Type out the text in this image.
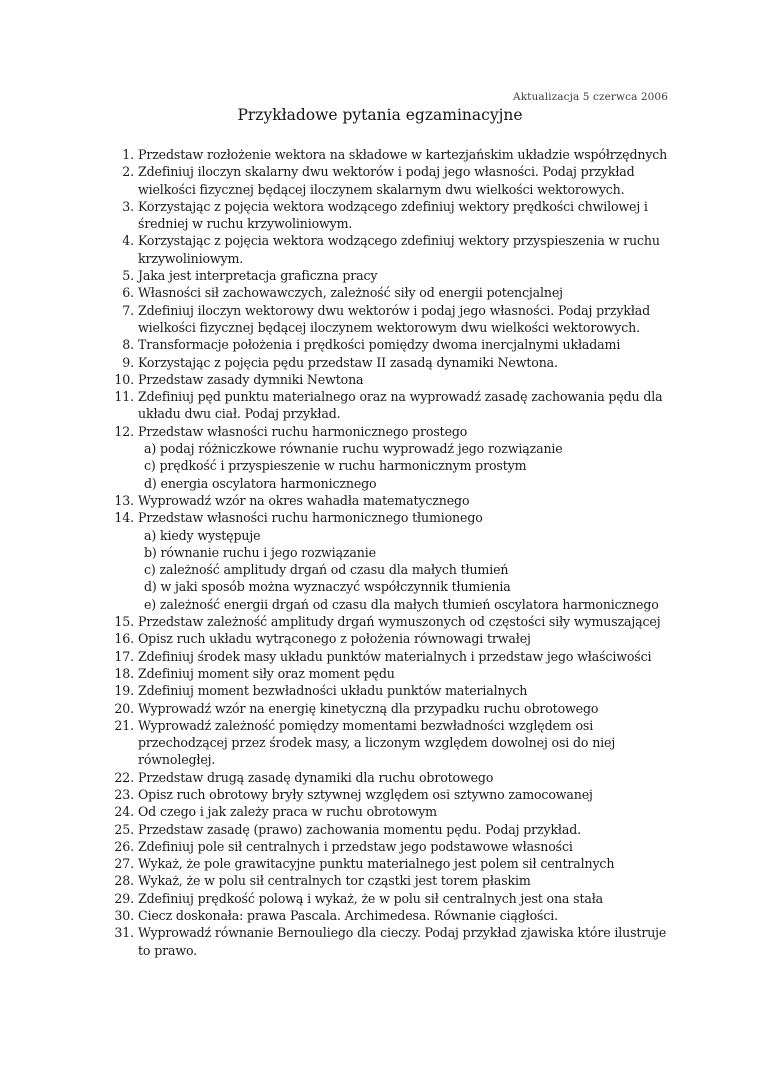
Aktualizacja 5 czerwca 2006
Przykładowe pytania egzaminacyjne
1. Przedstaw rozłożenie wektora na składowe w kartezjańskim układzie współrzędnych
2. Zdefiniuj iloczyn skalarny dwu wektorów i podaj jego własności. Podaj przykład wielkości fizycznej będącej iloczynem skalarnym dwu wielkości wektorowych.
3. Korzystając z pojęcia wektora wodzącego zdefiniuj wektory prędkości chwilowej i średniej w ruchu krzywoliniowym.
4. Korzystając z pojęcia wektora wodzącego zdefiniuj wektory przyspieszenia w ruchu krzywoliniowym.
5. Jaka jest interpretacja graficzna pracy
6. Własności sił zachowawczych, zależność siły od energii potencjalnej
7. Zdefiniuj iloczyn wektorowy dwu wektorów i podaj jego własności. Podaj przykład wielkości fizycznej będącej iloczynem wektorowym dwu wielkości wektorowych.
8. Transformacje położenia i prędkości pomiędzy dwoma inercjalnymi układami
9. Korzystając z pojęcia pędu przedstaw II zasadą dynamiki Newtona.
10. Przedstaw zasady dymniki Newtona
11. Zdefiniuj pęd punktu materialnego oraz na wyprowadź zasadę zachowania pędu dla układu dwu ciał. Podaj przykład.
12. Przedstaw własności ruchu harmonicznego prostego
a) podaj różniczkowe równanie ruchu wyprowadź jego rozwiązanie
c) prędkość i przyspieszenie w ruchu harmonicznym prostym
d) energia oscylatora harmonicznego
13. Wyprowadź wzór na okres wahadła matematycznego
14. Przedstaw własności ruchu harmonicznego tłumionego
a) kiedy występuje
b) równanie ruchu i jego rozwiązanie
c) zależność amplitudy drgań od czasu dla małych tłumień
d) w jaki sposób można wyznaczyć współczynnik tłumienia
e) zależność energii drgań od czasu dla małych tłumień oscylatora harmonicznego
15. Przedstaw zależność amplitudy drgań wymuszonych od częstości siły wymuszającej
16. Opisz ruch układu wytrąconego z położenia równowagi trwałej
17. Zdefiniuj środek masy układu punktów materialnych i przedstaw jego właściwości
18. Zdefiniuj moment siły oraz moment pędu
19. Zdefiniuj moment bezwładności układu punktów materialnych
20. Wyprowadź wzór na energię kinetyczną dla przypadku ruchu obrotowego
21. Wyprowadź zależność pomiędzy momentami bezwładności względem osi przechodzącej przez środek masy, a liczonym względem dowolnej osi do niej równoległej.
22. Przedstaw drugą zasadę dynamiki dla ruchu obrotowego
23. Opisz ruch obrotowy bryły sztywnej względem osi sztywno zamocowanej
24. Od czego i jak zależy praca w ruchu obrotowym
25. Przedstaw zasadę (prawo) zachowania momentu pędu. Podaj przykład.
26. Zdefiniuj pole sił centralnych i przedstaw jego podstawowe własności
27. Wykaż, że pole grawitacyjne punktu materialnego jest polem sił centralnych
28. Wykaż, że w polu sił centralnych tor cząstki jest torem płaskim
29. Zdefiniuj prędkość polową i wykaż, że w polu sił centralnych jest ona stała
30. Ciecz doskonała: prawa Pascala. Archimedesa. Równanie ciągłości.
31. Wyprowadź równanie Bernouliego dla cieczy. Podaj przykład zjawiska które ilustruje to prawo.
